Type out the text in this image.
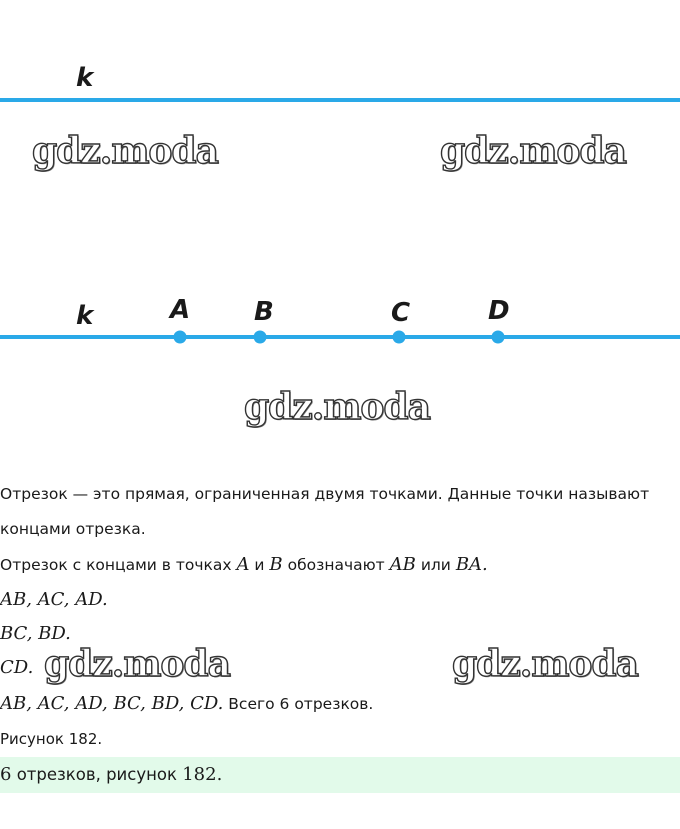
k
k	A B	C	D
gdz.moda	gdz.moda
gdz.moda
gdz.moda	gdz.moda
Отрезок — это прямая, ограниченная двумя точками. Данные точки называют
концами отрезка.
Отрезок с концами в точках A и B обозначают AB или BA.
AB, AC, AD.
BC, BD.
CD.
AB, AC, AD, BC, BD, CD. Всего 6 отрезков.
Рисунок 182.
6 отрезков, рисунок 182.
